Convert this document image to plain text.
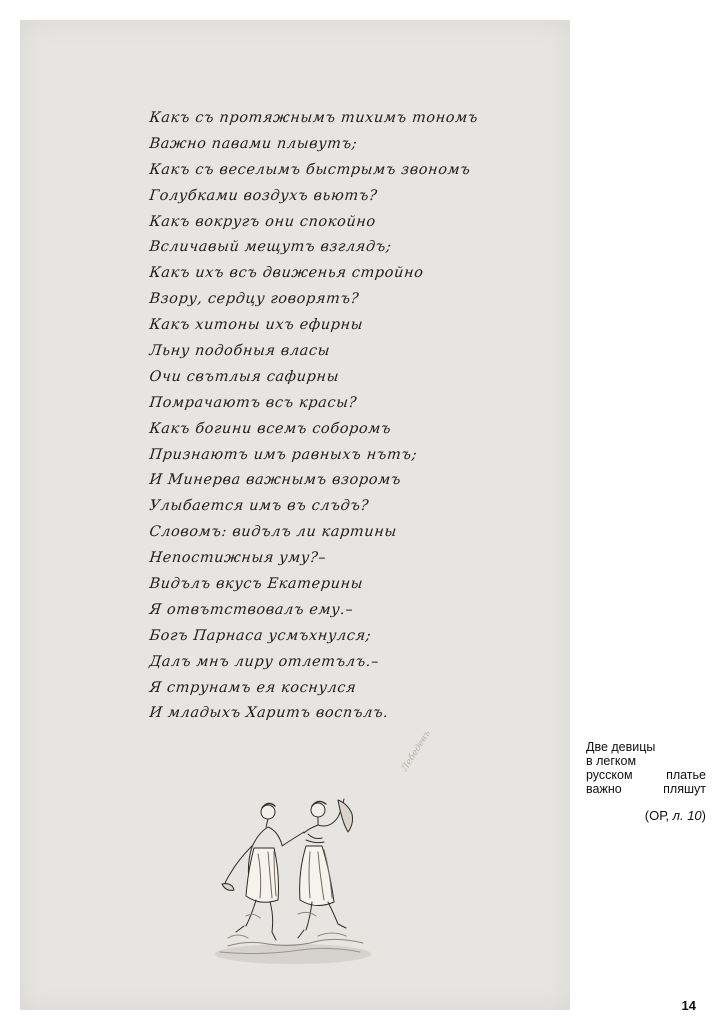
Какъ съ протяжнымъ тихимъ тономъ
Важно павами плывутъ;
Какъ съ веселымъ быстрымъ звономъ
Голубками воздухъ вьютъ?
Какъ вокругъ они спокойно
Всличавый мещутъ взглядъ;
Какъ ихъ всъ движенья стройно
Взору, сердцу говорятъ?
Какъ хитоны ихъ ефирны
Льну подобныя власы
Очи свътлыя сафирны
Помрачаютъ всъ красы?
Какъ богини всемъ соборомъ
Признаютъ имъ равныхъ нътъ;
И Минерва важнымъ взоромъ
Улыбается имъ въ слъдъ?
Словомъ: видълъ ли картины
Непостижныя уму?–
Видълъ вкусъ Екатерины
Я отвътствовалъ ему.–
Богъ Парнаса усмъхнулся;
Далъ мнъ лиру отлетълъ.–
Я струнамъ ея коснулся
И младыхъ Харитъ воспълъ.
Лебедевъ	Две девицы
в легком
русском платье
важно пляшут
(ОР, л. 10)
14
